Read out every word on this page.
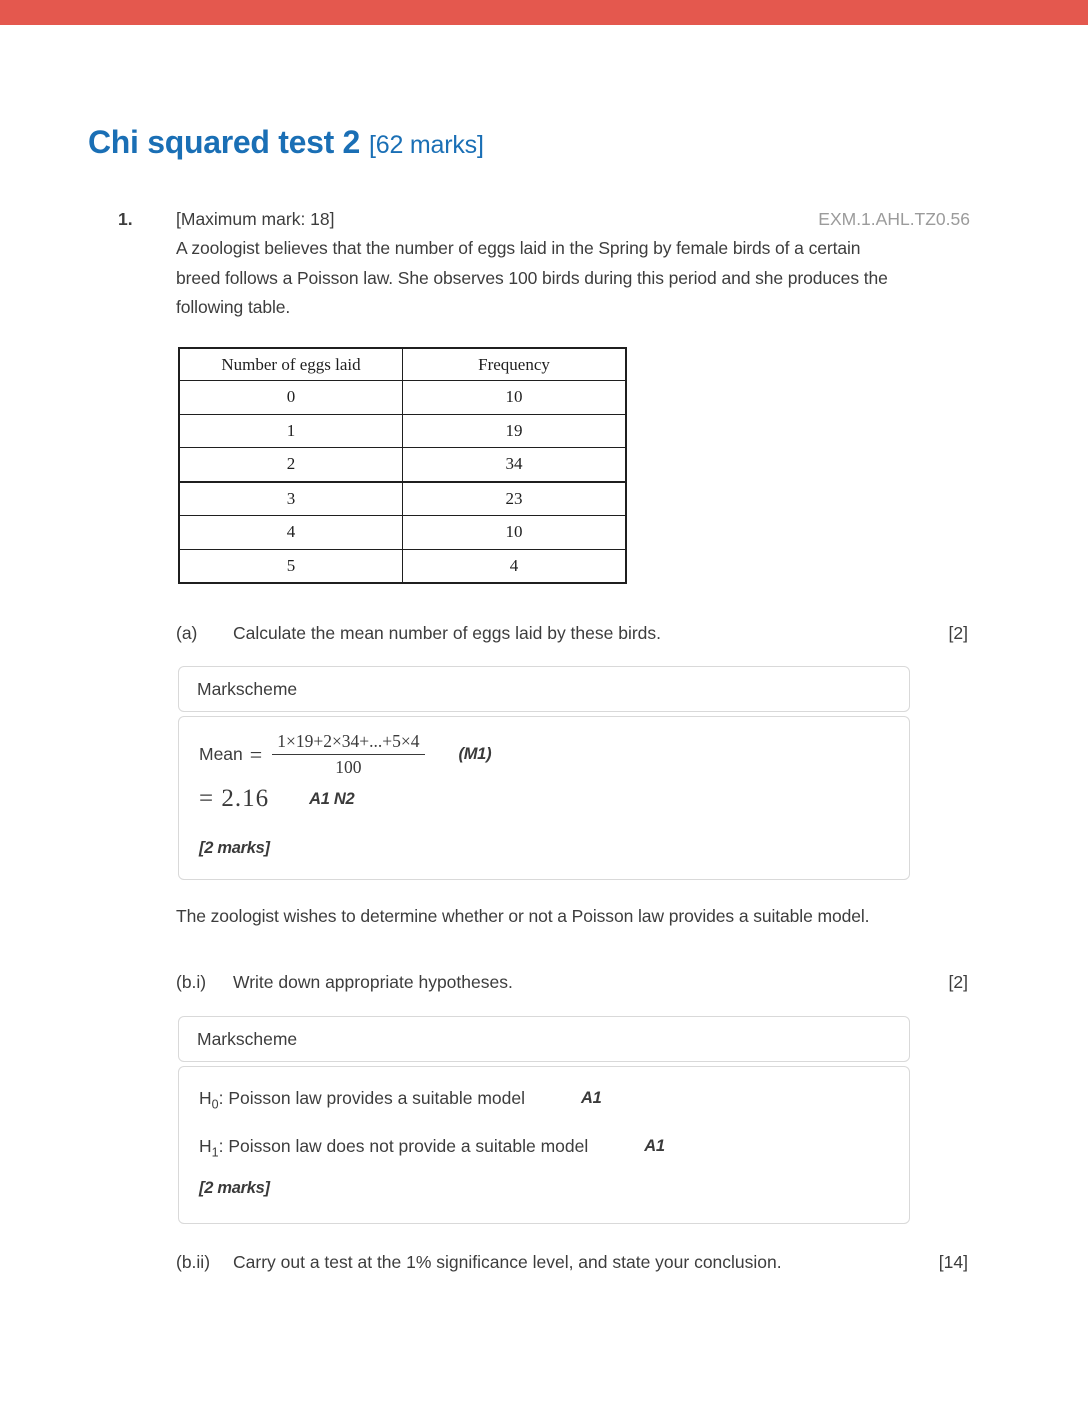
Chi squared test 2 [62 marks]
1. [Maximum mark: 18]	EXM.1.AHL.TZ0.56
A zoologist believes that the number of eggs laid in the Spring by female birds of a certain
breed follows a Poisson law. She observes 100 birds during this period and she produces the
following table.
Number of eggs laid	Frequency
0	10
1	19
2	34
3	23
4	10
5	4
(a) Calculate the mean number of eggs laid by these birds.	[2]
Markscheme
Mean = $\frac{1\times 19+2\times 34+...+5\times 4}{100} (M1)$
= 2.16 A1 N2
[2 marks]
The zoologist wishes to determine whether or not a Poisson law provides a suitable model.
(b.i) Write down appropriate hypotheses.	[2]
Markscheme
$H_0$ : Poisson law provides a suitable model	A1
$H_1$ : Poisson law does not provide a suitable model	A1
[2 marks]
(b.ii) Carry out a test at the 1% significance level, and state your conclusion.	[14]
